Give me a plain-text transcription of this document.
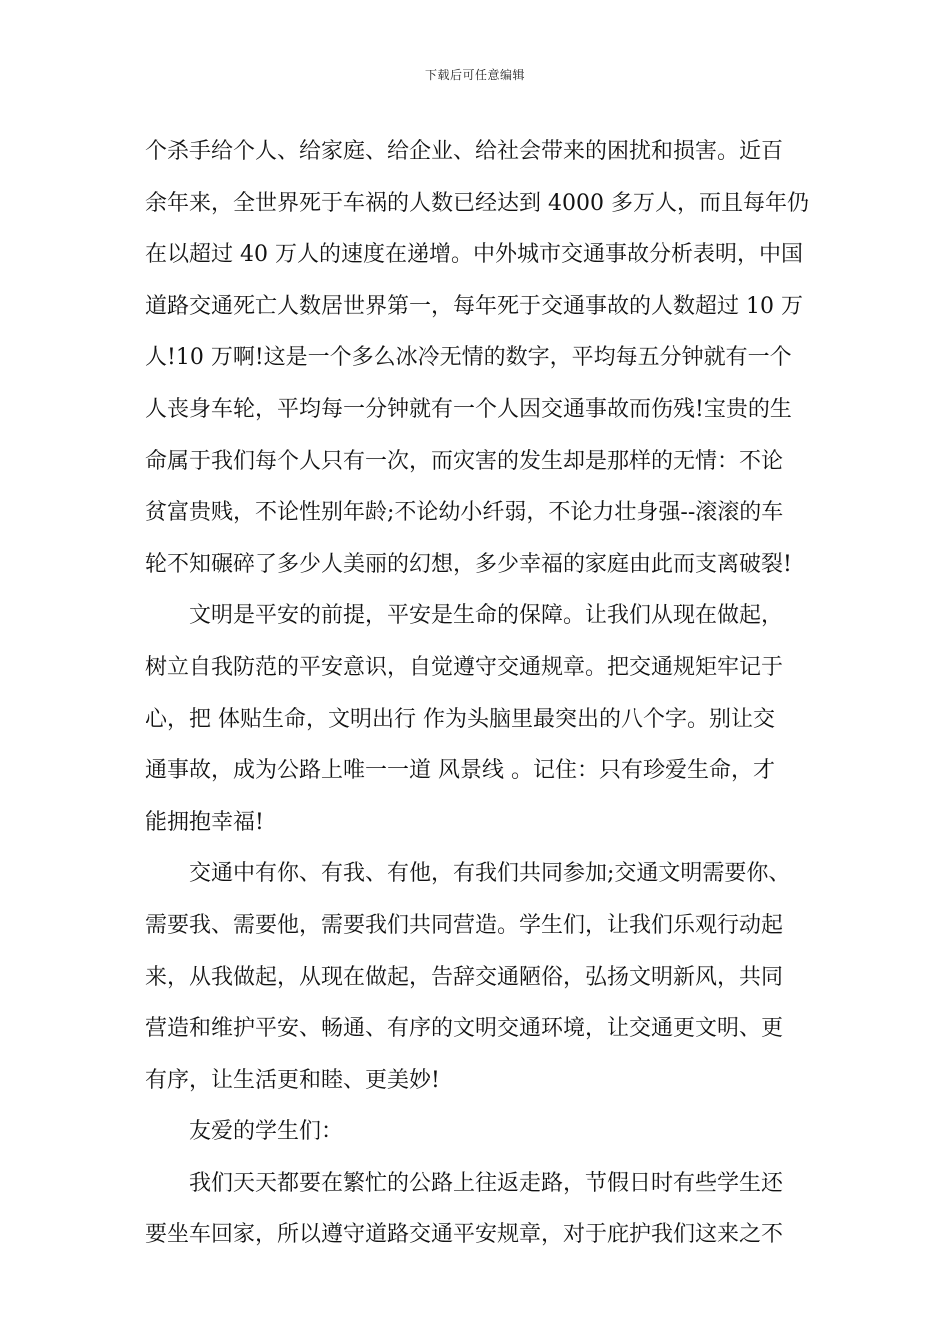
下载后可任意编辑
个杀手给个人、给家庭、给企业、给社会带来的困扰和损害。近百
余年来，全世界死于车祸的人数已经达到 4000 多万人，而且每年仍
在以超过 40 万人的速度在递增。中外城市交通事故分析表明，中国
道路交通死亡人数居世界第一，每年死于交通事故的人数超过 10 万
人!10 万啊!这是一个多么冰冷无情的数字，平均每五分钟就有一个
人丧身车轮，平均每一分钟就有一个人因交通事故而伤残!宝贵的生
命属于我们每个人只有一次，而灾害的发生却是那样的无情：不论
贫富贵贱，不论性别年龄;不论幼小纤弱，不论力壮身强--滚滚的车
轮不知碾碎了多少人美丽的幻想，多少幸福的家庭由此而支离破裂!
文明是平安的前提，平安是生命的保障。让我们从现在做起，
树立自我防范的平安意识，自觉遵守交通规章。把交通规矩牢记于
心，把 体贴生命，文明出行 作为头脑里最突出的八个字。别让交
通事故，成为公路上唯一一道 风景线 。记住：只有珍爱生命，才
能拥抱幸福!
交通中有你、有我、有他，有我们共同参加;交通文明需要你、
需要我、需要他，需要我们共同营造。学生们，让我们乐观行动起
来，从我做起，从现在做起，告辞交通陋俗，弘扬文明新风，共同
营造和维护平安、畅通、有序的文明交通环境，让交通更文明、更
有序，让生活更和睦、更美妙!
友爱的学生们：
我们天天都要在繁忙的公路上往返走路，节假日时有些学生还
要坐车回家，所以遵守道路交通平安规章，对于庇护我们这来之不
